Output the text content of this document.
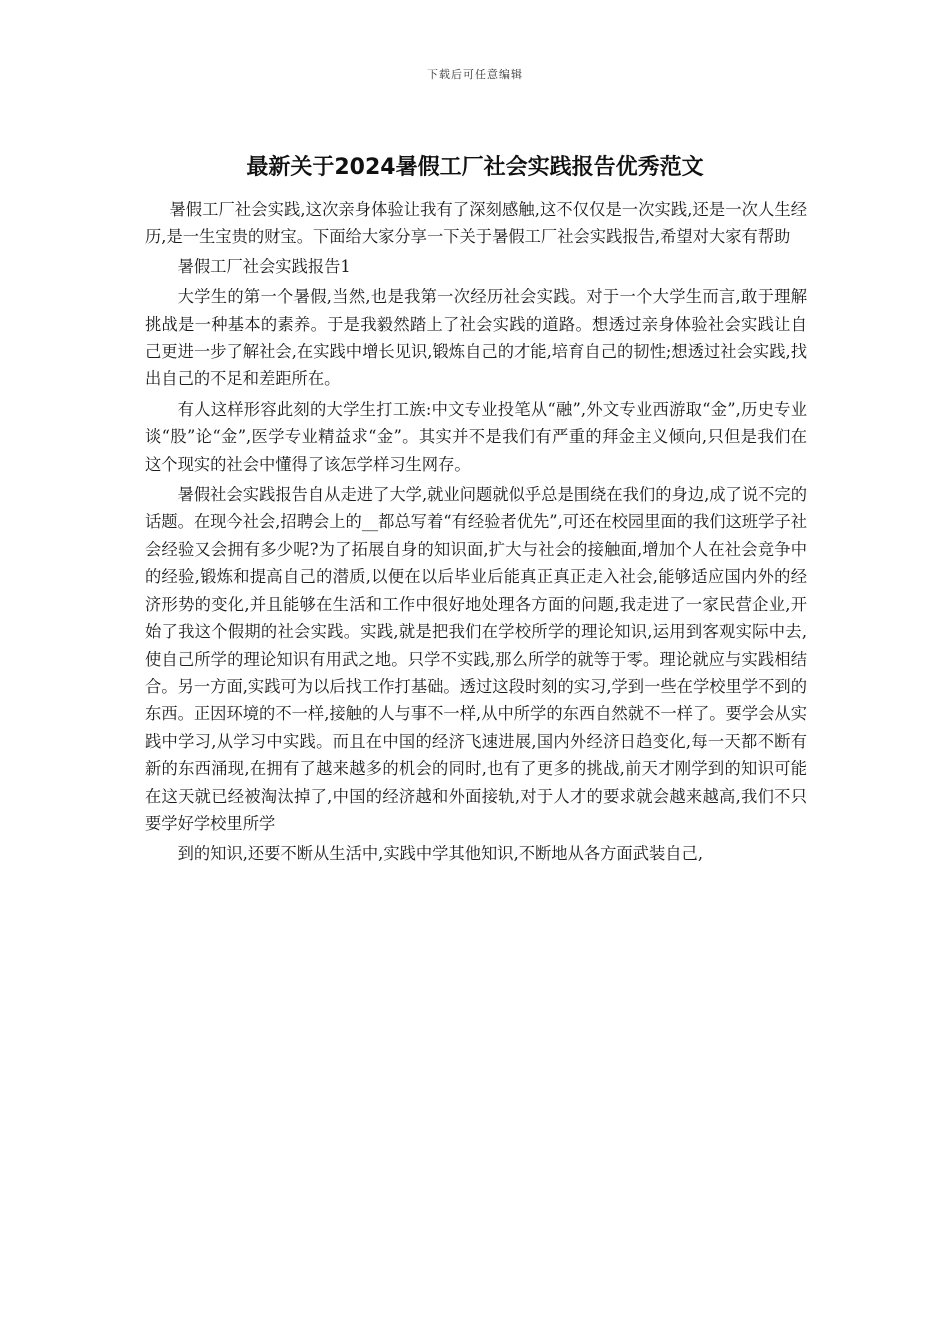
下载后可任意编辑
最新关于2024暑假工厂社会实践报告优秀范文

暑假工厂社会实践,这次亲身体验让我有了深刻感触,这不仅仅是一次实践,还是一次人生经历,是一生宝贵的财宝。下面给大家分享一下关于暑假工厂社会实践报告,希望对大家有帮助

暑假工厂社会实践报告1

大学生的第一个暑假,当然,也是我第一次经历社会实践。对于一个大学生而言,敢于理解挑战是一种基本的素养。于是我毅然踏上了社会实践的道路。想透过亲身体验社会实践让自己更进一步了解社会,在实践中增长见识,锻炼自己的才能,培育自己的韧性;想透过社会实践,找出自己的不足和差距所在。

有人这样形容此刻的大学生打工族:中文专业投笔从“融”,外文专业西游取“金”,历史专业谈“股”论“金”,医学专业精益求“金”。其实并不是我们有严重的拜金主义倾向,只但是我们在这个现实的社会中懂得了该怎学样习生网存。

暑假社会实践报告自从走进了大学,就业问题就似乎总是围绕在我们的身边,成了说不完的话题。在现今社会,招聘会上的__都总写着“有经验者优先”,可还在校园里面的我们这班学子社会经验又会拥有多少呢?为了拓展自身的知识面,扩大与社会的接触面,增加个人在社会竞争中的经验,锻炼和提高自己的潜质,以便在以后毕业后能真正真正走入社会,能够适应国内外的经济形势的变化,并且能够在生活和工作中很好地处理各方面的问题,我走进了一家民营企业,开始了我这个假期的社会实践。实践,就是把我们在学校所学的理论知识,运用到客观实际中去,使自己所学的理论知识有用武之地。只学不实践,那么所学的就等于零。理论就应与实践相结合。另一方面,实践可为以后找工作打基础。透过这段时刻的实习,学到一些在学校里学不到的东西。正因环境的不一样,接触的人与事不一样,从中所学的东西自然就不一样了。要学会从实践中学习,从学习中实践。而且在中国的经济飞速进展,国内外经济日趋变化,每一天都不断有新的东西涌现,在拥有了越来越多的机会的同时,也有了更多的挑战,前天才刚学到的知识可能在这天就已经被淘汰掉了,中国的经济越和外面接轨,对于人才的要求就会越来越高,我们不只要学好学校里所学

到的知识,还要不断从生活中,实践中学其他知识,不断地从各方面武装自己,
